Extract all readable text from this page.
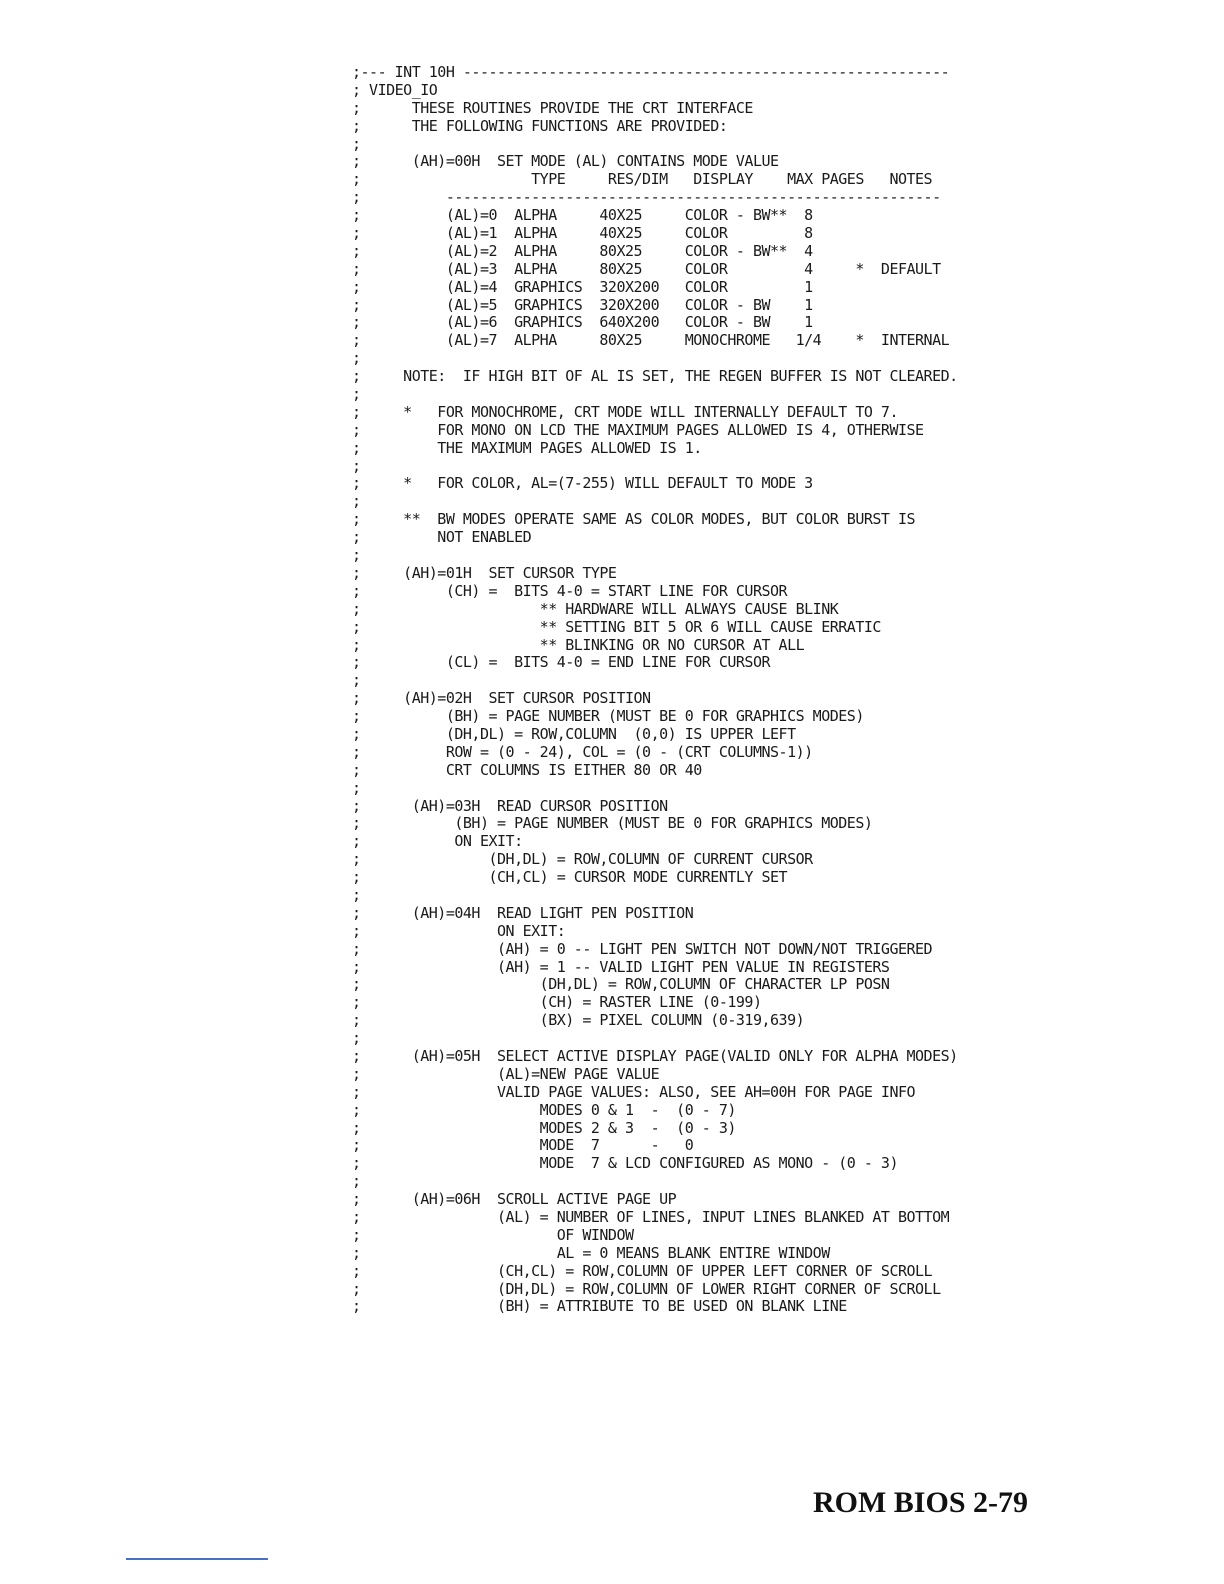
;--- INT 10H ---------------------------------------------------------
; VIDEO_IO
;      THESE ROUTINES PROVIDE THE CRT INTERFACE
;      THE FOLLOWING FUNCTIONS ARE PROVIDED:
;
;      (AH)=00H  SET MODE (AL) CONTAINS MODE VALUE
;                    TYPE     RES/DIM   DISPLAY    MAX PAGES   NOTES
;          ----------------------------------------------------------
;          (AL)=0  ALPHA     40X25     COLOR - BW**  8
;          (AL)=1  ALPHA     40X25     COLOR         8
;          (AL)=2  ALPHA     80X25     COLOR - BW**  4
;          (AL)=3  ALPHA     80X25     COLOR         4     *  DEFAULT
;          (AL)=4  GRAPHICS  320X200   COLOR         1
;          (AL)=5  GRAPHICS  320X200   COLOR - BW    1
;          (AL)=6  GRAPHICS  640X200   COLOR - BW    1
;          (AL)=7  ALPHA     80X25     MONOCHROME   1/4    *  INTERNAL
;
;     NOTE:  IF HIGH BIT OF AL IS SET, THE REGEN BUFFER IS NOT CLEARED.
;
;     *   FOR MONOCHROME, CRT MODE WILL INTERNALLY DEFAULT TO 7.
;         FOR MONO ON LCD THE MAXIMUM PAGES ALLOWED IS 4, OTHERWISE
;         THE MAXIMUM PAGES ALLOWED IS 1.
;
;     *   FOR COLOR, AL=(7-255) WILL DEFAULT TO MODE 3
;
;     **  BW MODES OPERATE SAME AS COLOR MODES, BUT COLOR BURST IS
;         NOT ENABLED
;
;     (AH)=01H  SET CURSOR TYPE
;          (CH) =  BITS 4-0 = START LINE FOR CURSOR
;                     ** HARDWARE WILL ALWAYS CAUSE BLINK
;                     ** SETTING BIT 5 OR 6 WILL CAUSE ERRATIC
;                     ** BLINKING OR NO CURSOR AT ALL
;          (CL) =  BITS 4-0 = END LINE FOR CURSOR
;
;     (AH)=02H  SET CURSOR POSITION
;          (BH) = PAGE NUMBER (MUST BE 0 FOR GRAPHICS MODES)
;          (DH,DL) = ROW,COLUMN  (0,0) IS UPPER LEFT
;          ROW = (0 - 24), COL = (0 - (CRT COLUMNS-1))
;          CRT COLUMNS IS EITHER 80 OR 40
;
;      (AH)=03H  READ CURSOR POSITION
;           (BH) = PAGE NUMBER (MUST BE 0 FOR GRAPHICS MODES)
;           ON EXIT:
;               (DH,DL) = ROW,COLUMN OF CURRENT CURSOR
;               (CH,CL) = CURSOR MODE CURRENTLY SET
;
;      (AH)=04H  READ LIGHT PEN POSITION
;                ON EXIT:
;                (AH) = 0 -- LIGHT PEN SWITCH NOT DOWN/NOT TRIGGERED
;                (AH) = 1 -- VALID LIGHT PEN VALUE IN REGISTERS
;                     (DH,DL) = ROW,COLUMN OF CHARACTER LP POSN
;                     (CH) = RASTER LINE (0-199)
;                     (BX) = PIXEL COLUMN (0-319,639)
;
;      (AH)=05H  SELECT ACTIVE DISPLAY PAGE(VALID ONLY FOR ALPHA MODES)
;                (AL)=NEW PAGE VALUE
;                VALID PAGE VALUES: ALSO, SEE AH=00H FOR PAGE INFO
;                     MODES 0 & 1  -  (0 - 7)
;                     MODES 2 & 3  -  (0 - 3)
;                     MODE  7      -   0
;                     MODE  7 & LCD CONFIGURED AS MONO - (0 - 3)
;
;      (AH)=06H  SCROLL ACTIVE PAGE UP
;                (AL) = NUMBER OF LINES, INPUT LINES BLANKED AT BOTTOM
;                       OF WINDOW
;                       AL = 0 MEANS BLANK ENTIRE WINDOW
;                (CH,CL) = ROW,COLUMN OF UPPER LEFT CORNER OF SCROLL
;                (DH,DL) = ROW,COLUMN OF LOWER RIGHT CORNER OF SCROLL
;                (BH) = ATTRIBUTE TO BE USED ON BLANK LINE
ROM BIOS 2-79
